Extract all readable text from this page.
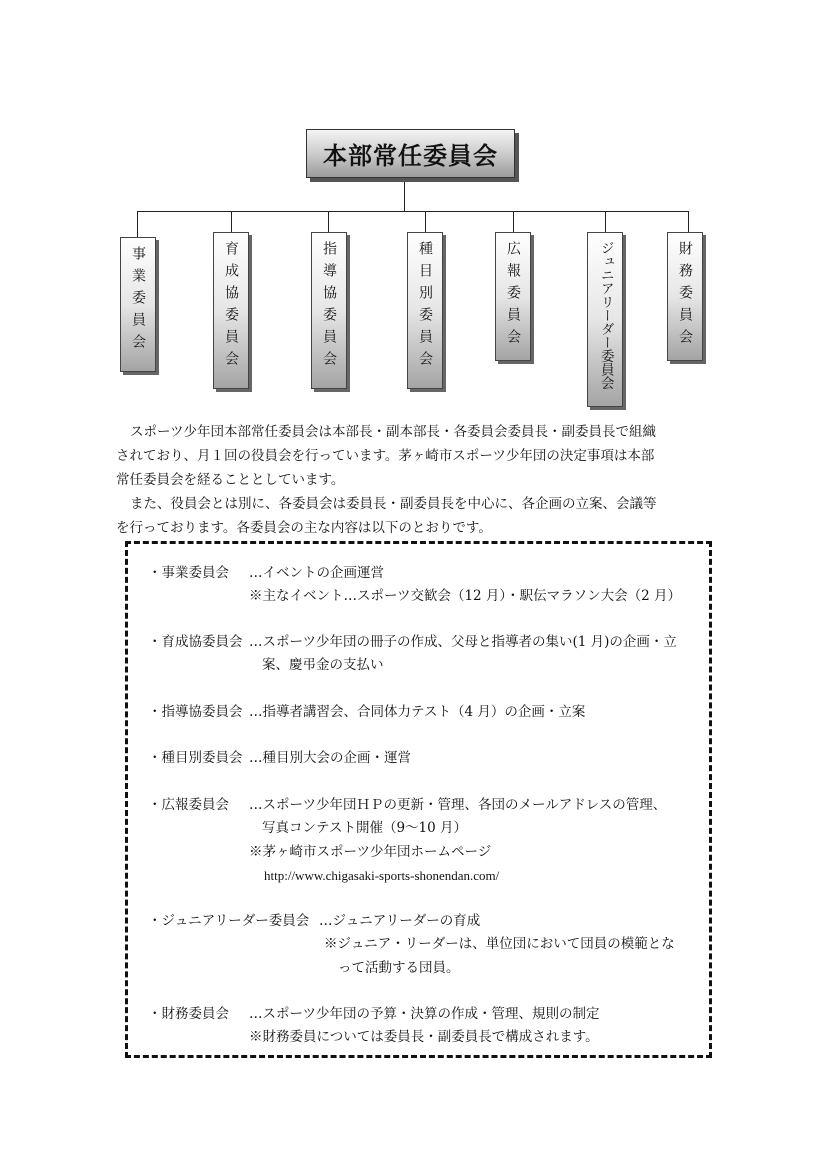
本部常任委員会
事業委員会	育成協委員会	指導協委員会	種目別委員会	広報委員会	ジュニアリーダー委員会	財務委員会

スポーツ少年団本部常任委員会は本部長・副本部長・各委員会委員長・副委員長で組織

されており、月１回の役員会を行っています。茅ヶ崎市スポーツ少年団の決定事項は本部

常任委員会を経ることとしています。

また、役員会とは別に、各委員会は委員長・副委員長を中心に、各企画の立案、会議等

を行っております。各委員会の主な内容は以下のとおりです。

・事業委員会 …イベントの企画運営
※主なイベント…スポーツ交歓会（12 月）・駅伝マラソン大会（2 月）
・育成協委員会 …スポーツ少年団の冊子の作成、父母と指導者の集い(1 月)の企画・立
案、慶弔金の支払い
・指導協委員会 …指導者講習会、合同体力テスト（4 月）の企画・立案
・種目別委員会 …種目別大会の企画・運営
・広報委員会 …スポーツ少年団ＨＰの更新・管理、各団のメールアドレスの管理、
写真コンテスト開催（9～10 月）
※茅ヶ崎市スポーツ少年団ホームページ
http://www.chigasaki-sports-shonendan.com/
・ジュニアリーダー委員会 …ジュニアリーダーの育成
※ジュニア・リーダーは、単位団において団員の模範とな
って活動する団員。
・財務委員会 …スポーツ少年団の予算・決算の作成・管理、規則の制定
※財務委員については委員長・副委員長で構成されます。
